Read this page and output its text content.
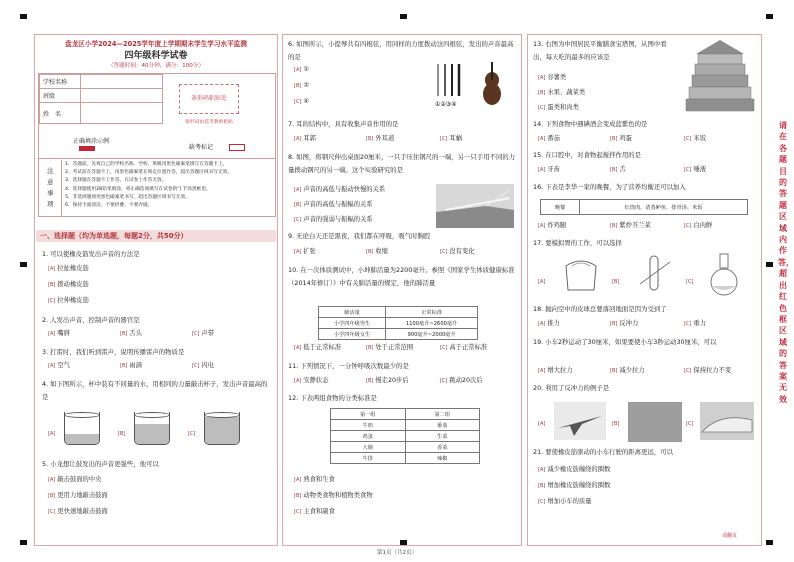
盘龙区小学2024—2025学年度上学期期末学生学习水平监测
四年级科学试卷
（答题时间：40分钟，满分：100分）
学校名称	
班级	
姓　名	
条形码粘贴处
条形码由监考教师粘贴
正确填涂示例
缺考标记
注意事项
1．答题前，先将自己的学校名称、学校、班级用黑色碳素笔填写在答题卡上。
2．考试前在答题卡上，用黑色碳素笔在规定位置作答，超出答题区域书写无效。
3．选择题在答题卡上作答，在试卷上作答无效。
4．选择题使用2B铅笔填涂，将正确选项填写在试卷的“[ ]”涂黑框里。
5．非选择题须用黑色碳素笔书写，超出答题区域书写无效。
6．保持卡面清洁，不要折叠、不要弄破。
一、选择题（均为单选题，每题2分，共50分）
1. 可以使橡皮筋发出声音的方法是
[A] 拉扯橡皮筋
[B] 拨动橡皮筋
[C] 拉伸橡皮筋
2. 人发出声音、控制声音的器官是
[A] 嘴唇	[B] 舌头	[C] 声带
3. 打雷时，我们听到雷声，说明传播雷声的物质是
[A] 空气	[B] 雨滴	[C] 闪电
4. 如下图所示，杯中装有不同量的水，用相同的力量敲击杯子，发出声音最高的是
[A]	[B]	[C]
5. 小龙想让鼓发出的声音更强些，他可以
[A] 敲击鼓面的中央
[B] 更用力地敲击鼓面
[C] 更快速地敲击鼓面
6. 如图所示，小提琴共有四根弦，用同样的力度拨动这四根弦，发出的声音最高的是
[A] ①
[B] ②
[C] ④	①②③④
7. 耳的结构中，具有收集声音作用的是
[A] 耳郭	[B] 外耳道	[C] 耳蜗
8. 如图，将钢尺伸出桌面20厘米，一只手压住钢尺的一端，另一只手用不同的力量拨动钢尺的另一端。这个实验研究的是
[A] 声音的高低与振动快慢的关系
[B] 声音的高低与振幅的关系
[C] 声音的强弱与振幅的关系
9. 无论白天还是黑夜，我们都在呼吸，吸气时胸腔
[A] 扩张	[B] 收缩	[C] 没有变化
10. 在一次体质测试中，小坤肺活量为2200毫升。参照《国家学生体质健康标准（2014年修订）》中有关肺活量的规定，他的肺活量
肺活量	正常标准
小学四年级男生	1100毫升~2600毫升
小学四年级女生	900毫升~2000毫升
[A] 低于正常标准	[B] 处于正常范围	[C] 高于正常标准
11. 下列情况下，一分钟呼吸次数最少的是
[A] 安静状态	[B] 慢走20步后	[C] 跳动20次后
12. 下表两组食物的分类标准是
第一组	第二组
牛奶	番茄
鸡蛋	生菜
大肠	香菜
牛排	辣椒
[A] 熟食和生食
[B] 动物类食物和植物类食物
[C] 主食和副食
13. 右图为中国居民平衡膳食宝塔图，从图中看出，每天吃的最多的应该是
[A] 谷薯类
[B] 水果、蔬菜类
[C] 蛋类和肉类
14. 下列食物中遇碘酒会变成蓝紫色的是
[A] 番茄	[B] 鸡蛋	[C] 米饭
15. 在口腔中，对食物起搅拌作用的是
[A] 牙齿	[B] 舌	[C] 唾液
16. 下表是李华一家的晚餐，为了营养均衡还可以加入
晚餐	红烧肉、清蒸鲈鱼、排骨汤、米饭
[A] 炸鸡腿	[B] 紫炒芥兰菜	[C] 白肉鲜
17. 要模拟胃的工作，可以选择
[A]	[B]	[C]
18. 抛向空中的皮球总要落回地面是因为受到了
[A] 推力	[B] 反冲力	[C] 重力
19. 小车2秒运动了30厘米，如果要使小车3秒运动30厘米，可以
[A] 增大拉力	[B] 减少拉力	[C] 保持拉力不变
20. 利用了反冲力的例子是
[A]	[B]	[C]
21. 要使橡皮筋驱动的小车行驶的距离更远，可以
[A] 减少橡皮筋缠绕的圈数
[B] 增加橡皮筋缠绕的圈数
[C] 增加小车的质量
请翻页
请在各题目的答题区域内作答，超出红色框区域的答案无效
第1页（共2页）
